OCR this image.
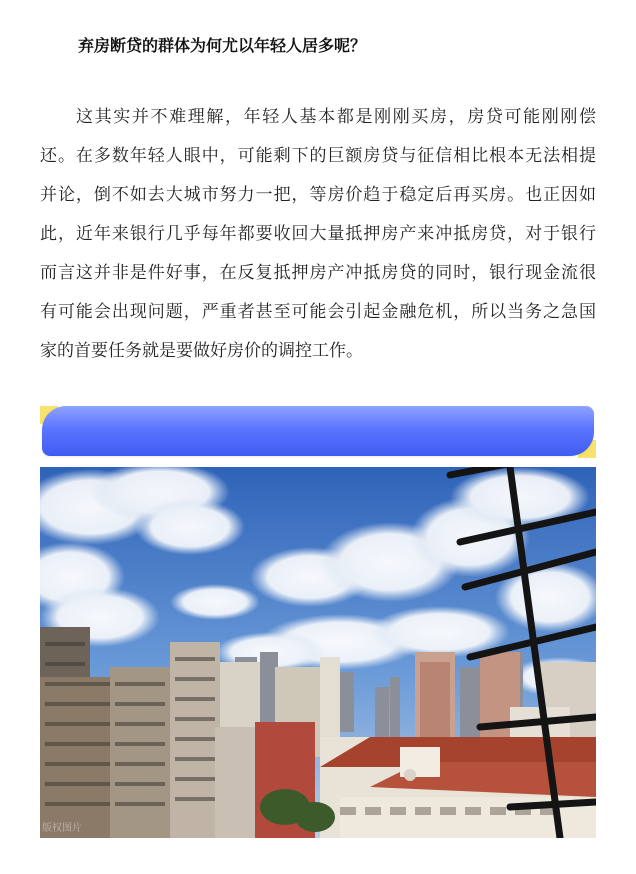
弃房断贷的群体为何尤以年轻人居多呢？
这其实并不难理解，年轻人基本都是刚刚买房，房贷可能刚刚偿
还。在多数年轻人眼中，可能剩下的巨额房贷与征信相比根本无法相提
并论，倒不如去大城市努力一把，等房价趋于稳定后再买房。也正因如
此，近年来银行几乎每年都要收回大量抵押房产来冲抵房贷，对于银行
而言这并非是件好事，在反复抵押房产冲抵房贷的同时，银行现金流很
有可能会出现问题，严重者甚至可能会引起金融危机，所以当务之急国
家的首要任务就是要做好房价的调控工作。
版权图片
